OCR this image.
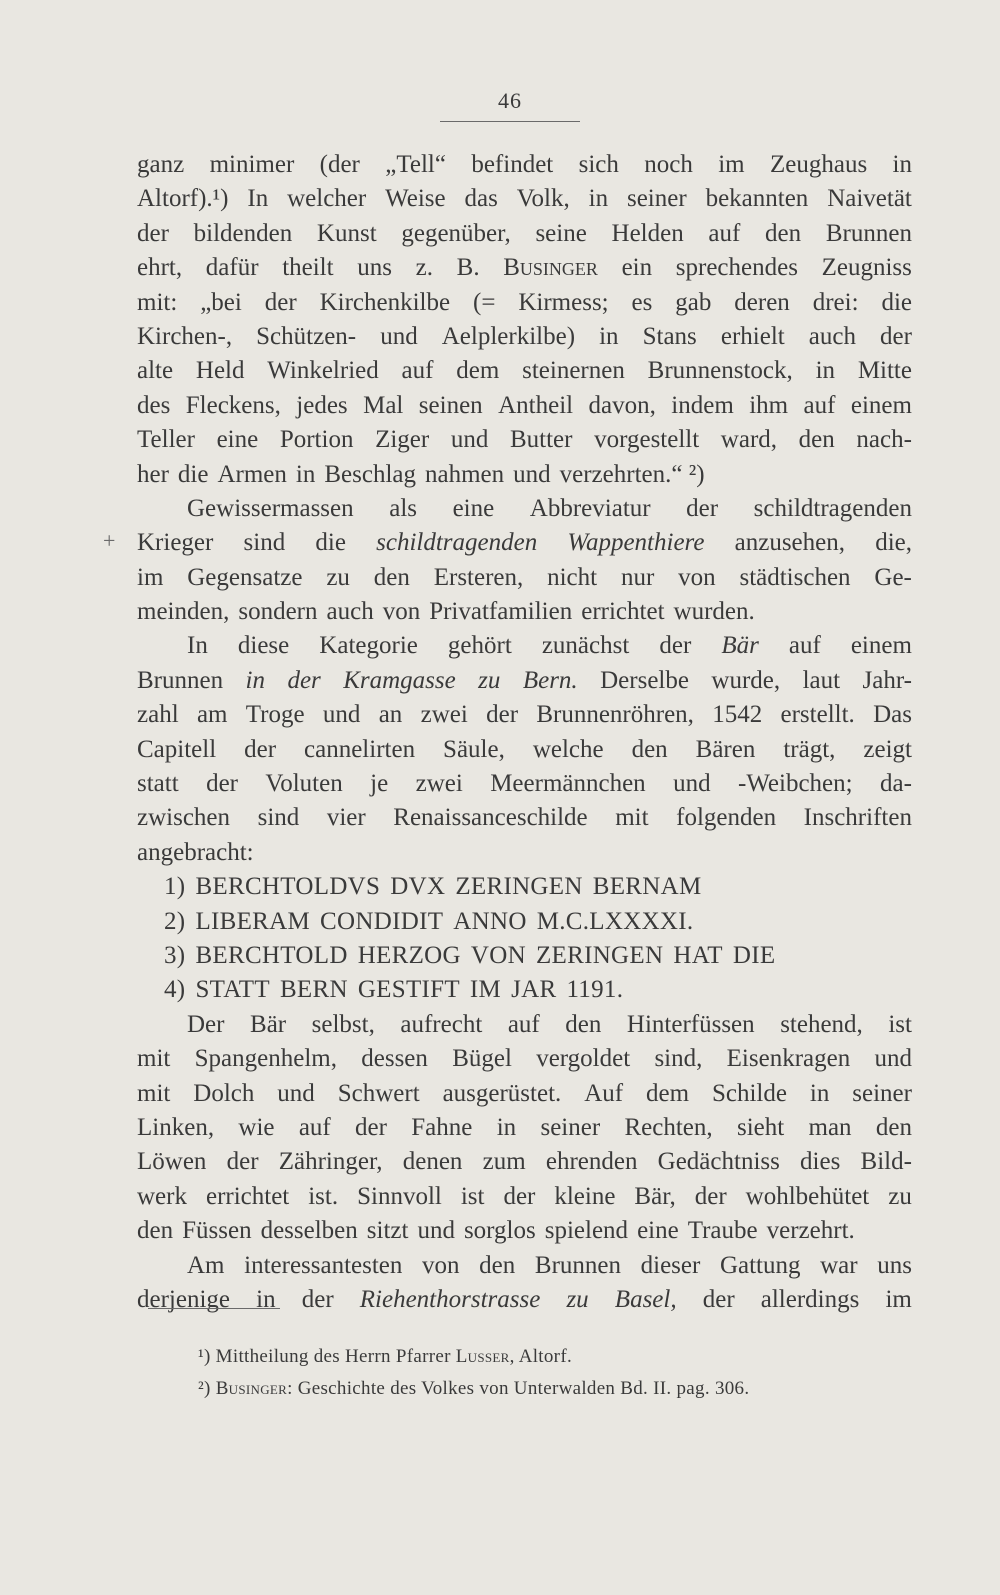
46
+
ganz minimer (der „Tell“ befindet sich noch im Zeughaus in
Altorf).¹) In welcher Weise das Volk, in seiner bekannten Naivetät
der bildenden Kunst gegenüber, seine Helden auf den Brunnen
ehrt, dafür theilt uns z. B. Businger ein sprechendes Zeugniss
mit: „bei der Kirchenkilbe (= Kirmess; es gab deren drei: die
Kirchen-, Schützen- und Aelplerkilbe) in Stans erhielt auch der
alte Held Winkelried auf dem steinernen Brunnenstock, in Mitte
des Fleckens, jedes Mal seinen Antheil davon, indem ihm auf einem
Teller eine Portion Ziger und Butter vorgestellt ward, den nach-
her die Armen in Beschlag nahmen und verzehrten.“ ²)
Gewissermassen als eine Abbreviatur der schildtragenden
Krieger sind die schildtragenden Wappenthiere anzusehen, die,
im Gegensatze zu den Ersteren, nicht nur von städtischen Ge-
meinden, sondern auch von Privatfamilien errichtet wurden.
In diese Kategorie gehört zunächst der Bär auf einem
Brunnen in der Kramgasse zu Bern. Derselbe wurde, laut Jahr-
zahl am Troge und an zwei der Brunnenröhren, 1542 erstellt. Das
Capitell der cannelirten Säule, welche den Bären trägt, zeigt
statt der Voluten je zwei Meermännchen und -Weibchen; da-
zwischen sind vier Renaissanceschilde mit folgenden Inschriften
angebracht:
1) BERCHTOLDVS DVX ZERINGEN BERNAM
2) LIBERAM CONDIDIT ANNO M.C.LXXXXI.
3) BERCHTOLD HERZOG VON ZERINGEN HAT DIE
4) STATT BERN GESTIFT IM JAR 1191.
Der Bär selbst, aufrecht auf den Hinterfüssen stehend, ist
mit Spangenhelm, dessen Bügel vergoldet sind, Eisenkragen und
mit Dolch und Schwert ausgerüstet. Auf dem Schilde in seiner
Linken, wie auf der Fahne in seiner Rechten, sieht man den
Löwen der Zähringer, denen zum ehrenden Gedächtniss dies Bild-
werk errichtet ist. Sinnvoll ist der kleine Bär, der wohlbehütet zu
den Füssen desselben sitzt und sorglos spielend eine Traube verzehrt.
Am interessantesten von den Brunnen dieser Gattung war uns
derjenige in der Riehenthorstrasse zu Basel, der allerdings im
¹) Mittheilung des Herrn Pfarrer Lusser, Altorf.
²) Businger: Geschichte des Volkes von Unterwalden Bd. II. pag. 306.
